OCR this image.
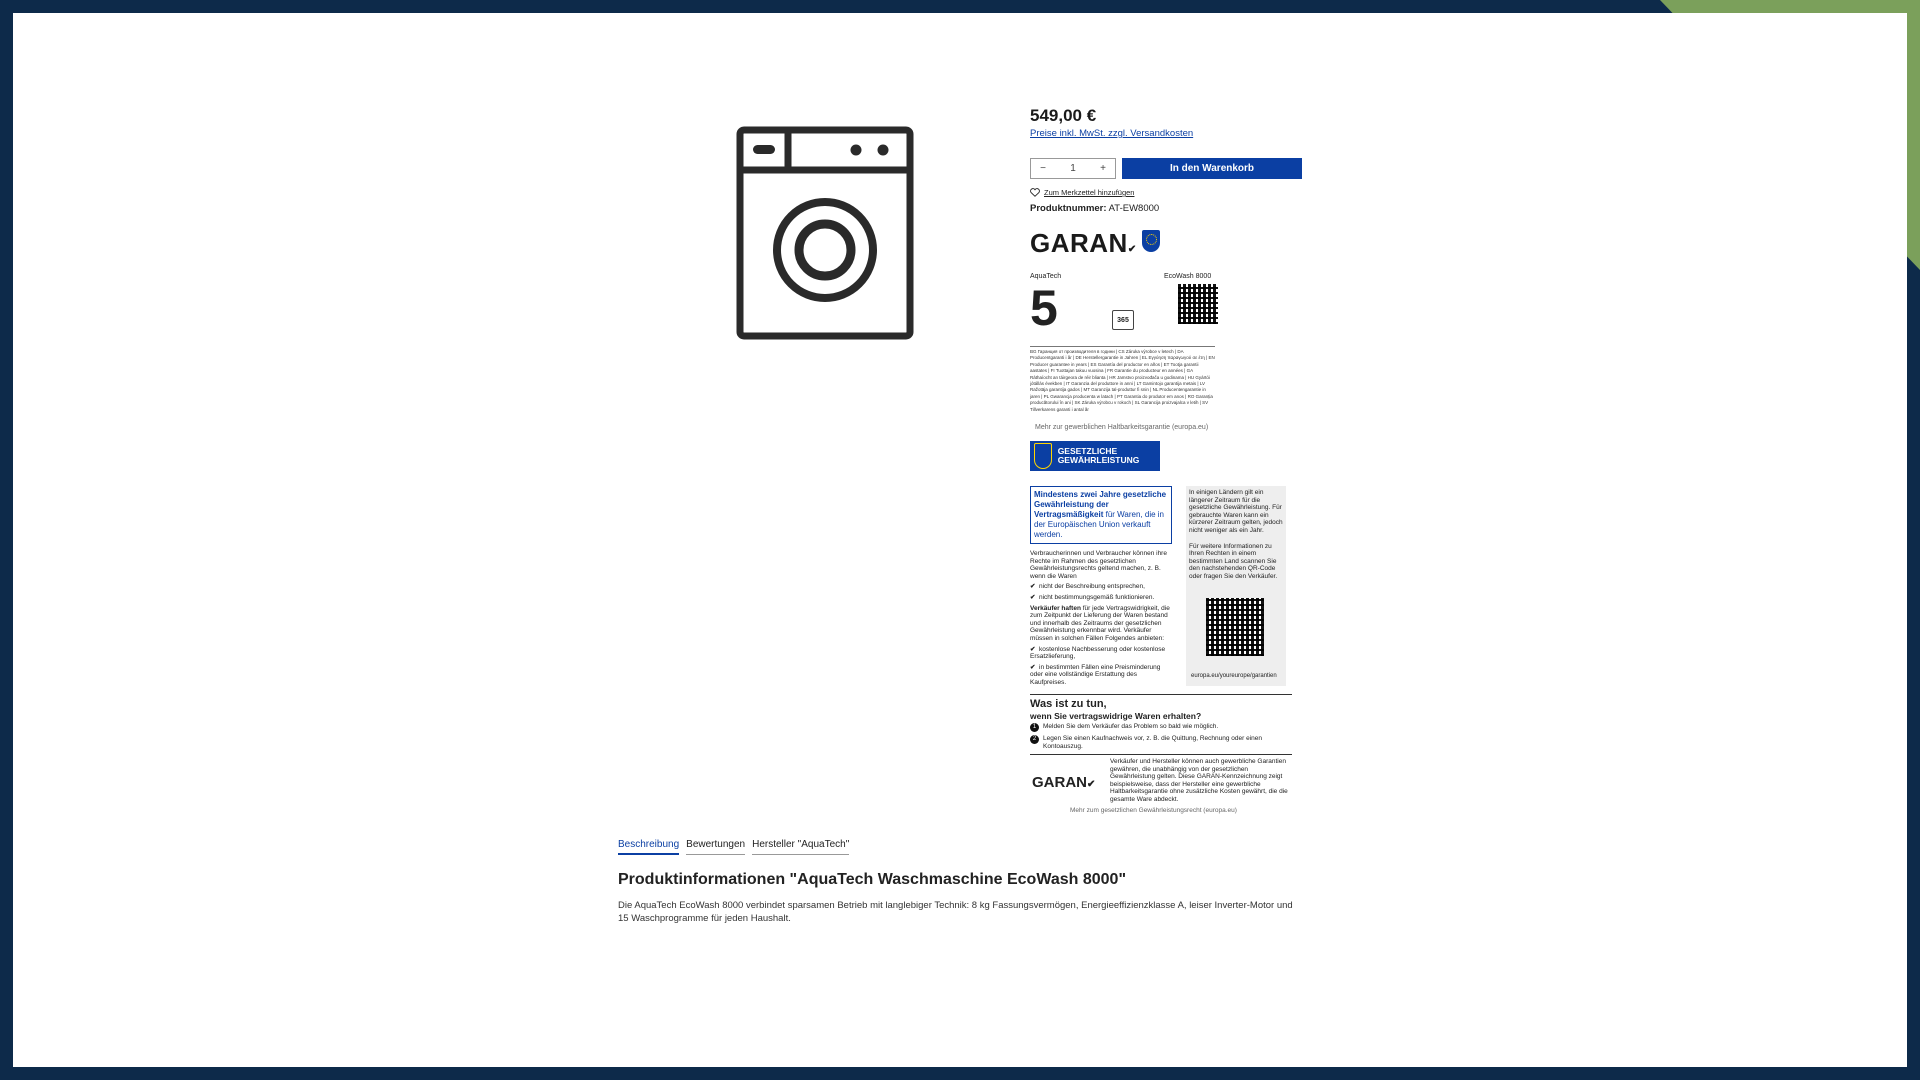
549,00 €
Preise inkl. MwSt. zzgl. Versandkosten
−	1	+	In den Warenkorb
Zum Merkzettel hinzufügen
Produktnummer: AT-EW8000
GARAN✔
AquaTech	EcoWash 8000
5	365
BG Гаранция от производителя в години | CS Záruka výrobce v letech | DA Producentgaranti i år | DE Herstellergarantie in Jahren | EL Εγγύηση παραγωγού σε έτη | EN Producer guarantee in years | ES Garantía del productor en años | ET Tootja garantii aastates | FI Tuottajan takuu vuosina | FR Garantie du producteur en années | GA Ráthaíocht an táirgeora de réir blianta | HR Jamstvo proizvođača u godinama | HU Gyártói jótállás években | IT Garanzia del produttore in anni | LT Gamintojo garantija metais | LV Ražotāja garantija gados | MT Garanzija tal-produttur fi snin | NL Producentengarantie in jaren | PL Gwarancja producenta w latach | PT Garantia do produtor em anos | RO Garanția producătorului în ani | SK Záruka výrobcu v rokoch | SL Garancija proizvajalca v letih | SV Tillverkarens garanti i antal år
Mehr zur gewerblichen Haltbarkeitsgarantie (europa.eu)
GESETZLICHE GEWÄHRLEISTUNG
Mindestens zwei Jahre gesetzliche Gewährleistung der Vertragsmäßigkeit für Waren, die in der Europäischen Union verkauft werden.

Verbraucherinnen und Verbraucher können ihre Rechte im Rahmen des gesetzlichen Gewährleistungsrechts geltend machen, z. B. wenn die Waren

✔ nicht der Beschreibung entsprechen,

✔ nicht bestimmungsgemäß funktionieren.

Verkäufer haften für jede Vertragswidrigkeit, die zum Zeitpunkt der Lieferung der Waren bestand und innerhalb des Zeitraums der gesetzlichen Gewährleistung erkennbar wird. Verkäufer müssen in solchen Fällen Folgendes anbieten:

✔ kostenlose Nachbesserung oder kostenlose Ersatzlieferung,

✔ in bestimmten Fällen eine Preisminderung oder eine vollständige Erstattung des Kaufpreises.

In einigen Ländern gilt ein längerer Zeitraum für die gesetzliche Gewährleistung. Für gebrauchte Waren kann ein kürzerer Zeitraum gelten, jedoch nicht weniger als ein Jahr.

Für weitere Informationen zu Ihren Rechten in einem bestimmten Land scannen Sie den nachstehenden QR-Code oder fragen Sie den Verkäufer.

europa.eu/youreurope/garantien
Was ist zu tun,
wenn Sie vertragswidrige Waren erhalten?
1	Melden Sie dem Verkäufer das Problem so bald wie möglich.
2	Legen Sie einen Kaufnachweis vor, z. B. die Quittung, Rechnung oder einen Kontoauszug.
GARAN✔
Verkäufer und Hersteller können auch gewerbliche Garantien gewähren, die unabhängig von der gesetzlichen Gewährleistung gelten. Diese GARAN-Kennzeichnung zeigt beispielsweise, dass der Hersteller eine gewerbliche Haltbarkeitsgarantie ohne zusätzliche Kosten gewährt, die die gesamte Ware abdeckt.
Mehr zum gesetzlichen Gewährleistungsrecht (europa.eu)
Beschreibung Bewertungen Hersteller "AquaTech"
Produktinformationen "AquaTech Waschmaschine EcoWash 8000"
Die AquaTech EcoWash 8000 verbindet sparsamen Betrieb mit langlebiger Technik: 8 kg Fassungsvermögen, Energieeffizienzklasse A, leiser Inverter-Motor und 15 Waschprogramme für jeden Haushalt.
